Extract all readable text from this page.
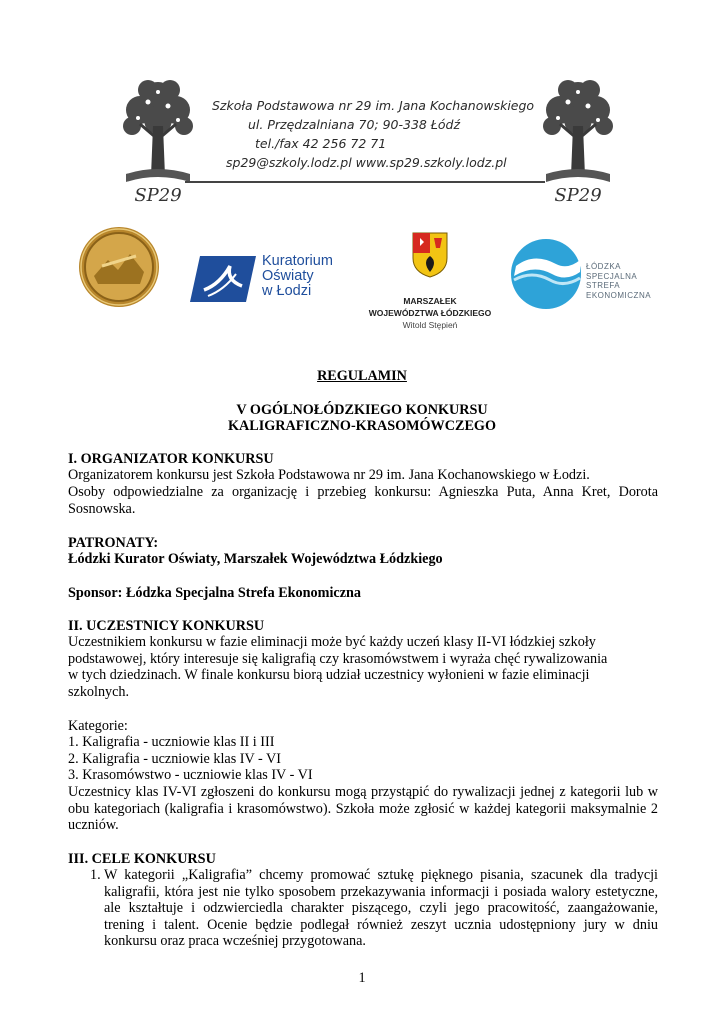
SP29	SP29
Szkoła Podstawowa nr 29 im. Jana Kochanowskiego
ul. Przędzalniana 70; 90-338 Łódź
tel./fax 42 256 72 71
sp29@szkoly.lodz.pl www.sp29.szkoly.lodz.pl
Kuratorium
Oświaty
w Łodzi
MARSZAŁEK
WOJEWÓDZTWA ŁÓDZKIEGO
Witold Stępień
ŁÓDZKA
SPECJALNA
STREFA
EKONOMICZNA
REGULAMIN
V OGÓLNOŁÓDZKIEGO KONKURSU
KALIGRAFICZNO-KRASOMÓWCZEGO
I. ORGANIZATOR KONKURSU
Organizatorem konkursu jest Szkoła Podstawowa nr 29 im. Jana Kochanowskiego w Łodzi.
Osoby odpowiedzialne za organizację i przebieg konkursu: Agnieszka Puta, Anna Kret, Dorota Sosnowska.
PATRONATY:
Łódzki Kurator Oświaty, Marszałek Województwa Łódzkiego
Sponsor: Łódzka Specjalna Strefa Ekonomiczna
II. UCZESTNICY KONKURSU
Uczestnikiem konkursu w fazie eliminacji może być każdy uczeń klasy II-VI łódzkiej szkoły
podstawowej, który interesuje się kaligrafią czy krasomówstwem i wyraża chęć rywalizowania
w tych dziedzinach. W finale konkursu biorą udział uczestnicy wyłonieni w fazie eliminacji
szkolnych.
Kategorie:
1. Kaligrafia - uczniowie klas II i III
2. Kaligrafia - uczniowie klas IV - VI
3. Krasomówstwo - uczniowie klas IV - VI
Uczestnicy klas IV-VI zgłoszeni do konkursu mogą przystąpić do rywalizacji jednej z kategorii lub w obu kategoriach (kaligrafia i krasomówstwo). Szkoła może zgłosić w każdej kategorii maksymalnie 2 uczniów.
III. CELE KONKURSU
1. W kategorii „Kaligrafia” chcemy promować sztukę pięknego pisania, szacunek dla tradycji kaligrafii, która jest nie tylko sposobem przekazywania informacji i posiada walory estetyczne, ale kształtuje i odzwierciedla charakter piszącego, czyli jego pracowitość, zaangażowanie, trening i talent. Ocenie będzie podlegał również zeszyt ucznia udostępniony jury w dniu konkursu oraz praca wcześniej przygotowana.
1
